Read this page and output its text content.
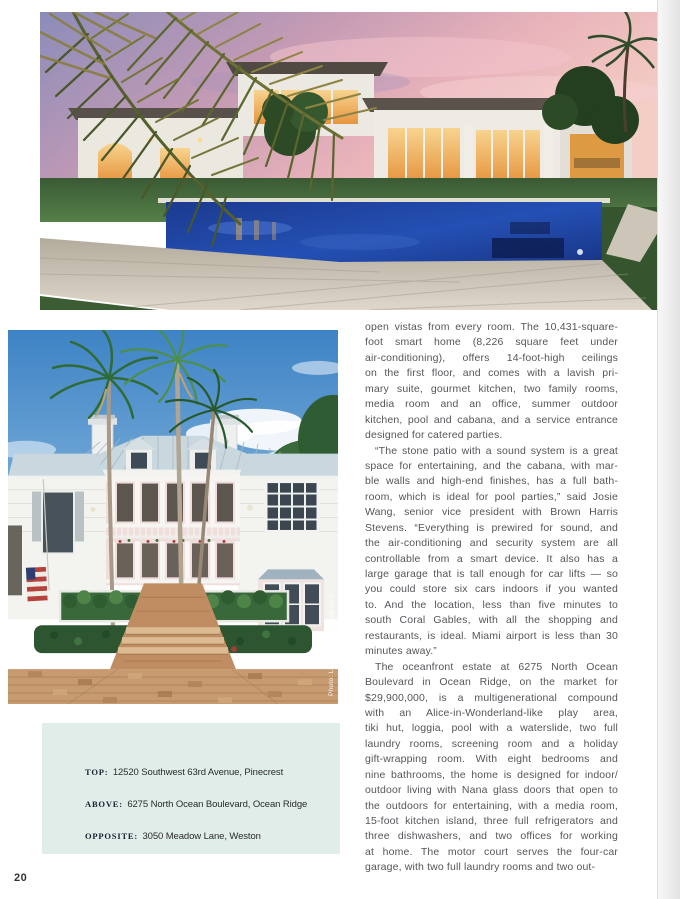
Photo: Living Proof Photography
TOP: 12520 Southwest 63rd Avenue, Pinecrest
ABOVE: 6275 North Ocean Boulevard, Ocean Ridge
OPPOSITE: 3050 Meadow Lane, Weston
open vistas from every room. The 10,431-square-
foot smart home (8,226 square feet under
air-conditioning), offers 14-foot-high ceilings
on the first floor, and comes with a lavish pri-
mary suite, gourmet kitchen, two family rooms,
media room and an office, summer outdoor
kitchen, pool and cabana, and a service entrance
designed for catered parties.
“The stone patio with a sound system is a great
space for entertaining, and the cabana, with mar-
ble walls and high-end finishes, has a full bath-
room, which is ideal for pool parties,” said Josie
Wang, senior vice president with Brown Harris
Stevens. “Everything is prewired for sound, and
the air-conditioning and security system are all
controllable from a smart device. It also has a
large garage that is tall enough for car lifts — so
you could store six cars indoors if you wanted
to. And the location, less than five minutes to
south Coral Gables, with all the shopping and
restaurants, is ideal. Miami airport is less than 30
minutes away.”
The oceanfront estate at 6275 North Ocean
Boulevard in Ocean Ridge, on the market for
$29,900,000, is a multigenerational compound
with an Alice-in-Wonderland-like play area,
tiki hut, loggia, pool with a waterslide, two full
laundry rooms, screening room and a holiday
gift-wrapping room. With eight bedrooms and
nine bathrooms, the home is designed for indoor/
outdoor living with Nana glass doors that open to
the outdoors for entertaining, with a media room,
15-foot kitchen island, three full refrigerators and
three dishwashers, and two offices for working
at home. The motor court serves the four-car
garage, with two full laundry rooms and two out-
20
